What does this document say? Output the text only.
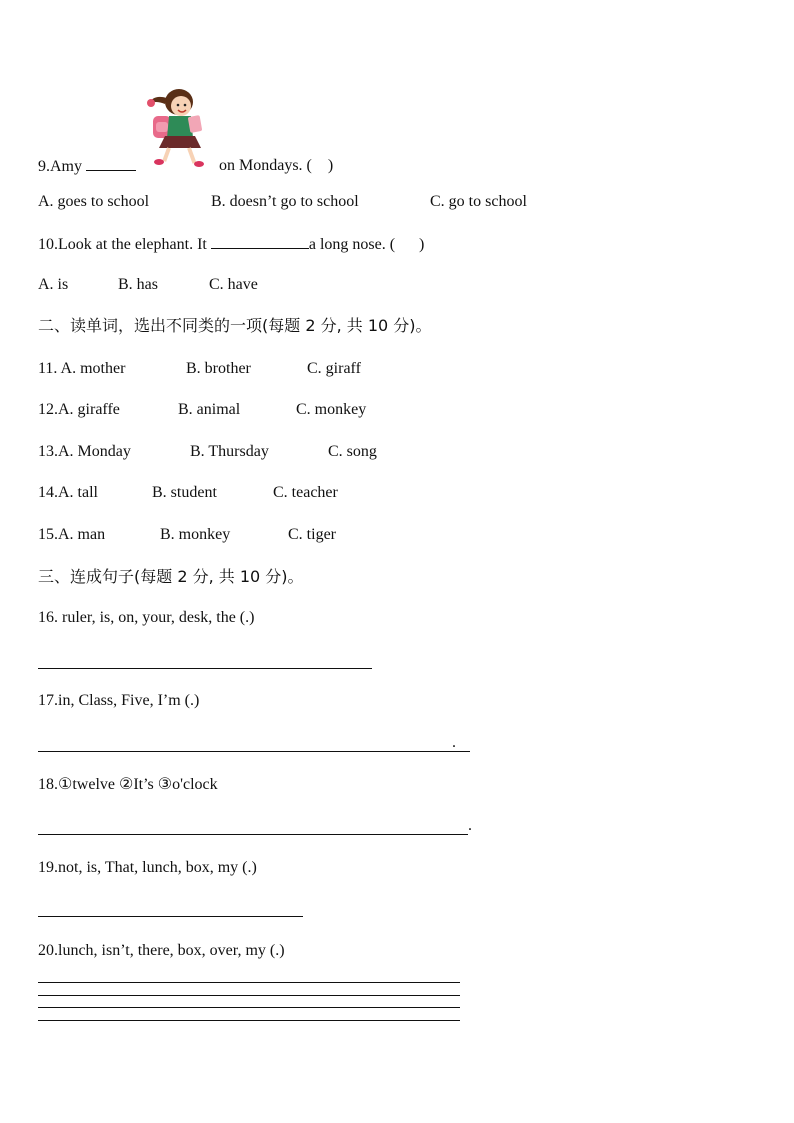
9.Amy	on Mondays. ( )
A. goes to school	B. doesn’t go to school	C. go to school
10.Look at the elephant. It	a long nose. ( )
A. is	B. has	C. have
二、读单词，选出不同类的一项(每题 2 分, 共 10 分)。
11. A. mother	B. brother	C. giraff
12.A. giraffe	B. animal	C. monkey
13.A. Monday	B. Thursday	C. song
14.A. tall	B. student	C. teacher
15.A. man	B. monkey	C. tiger
三、连成句子(每题 2 分, 共 10 分)。
16. ruler, is, on, your, desk, the (.)
17.in, Class, Five, I’m (.)
.
18.①twelve ②It’s ③o'clock
.
19.not, is, That, lunch, box, my (.)
20.lunch, isn’t, there, box, over, my (.)
